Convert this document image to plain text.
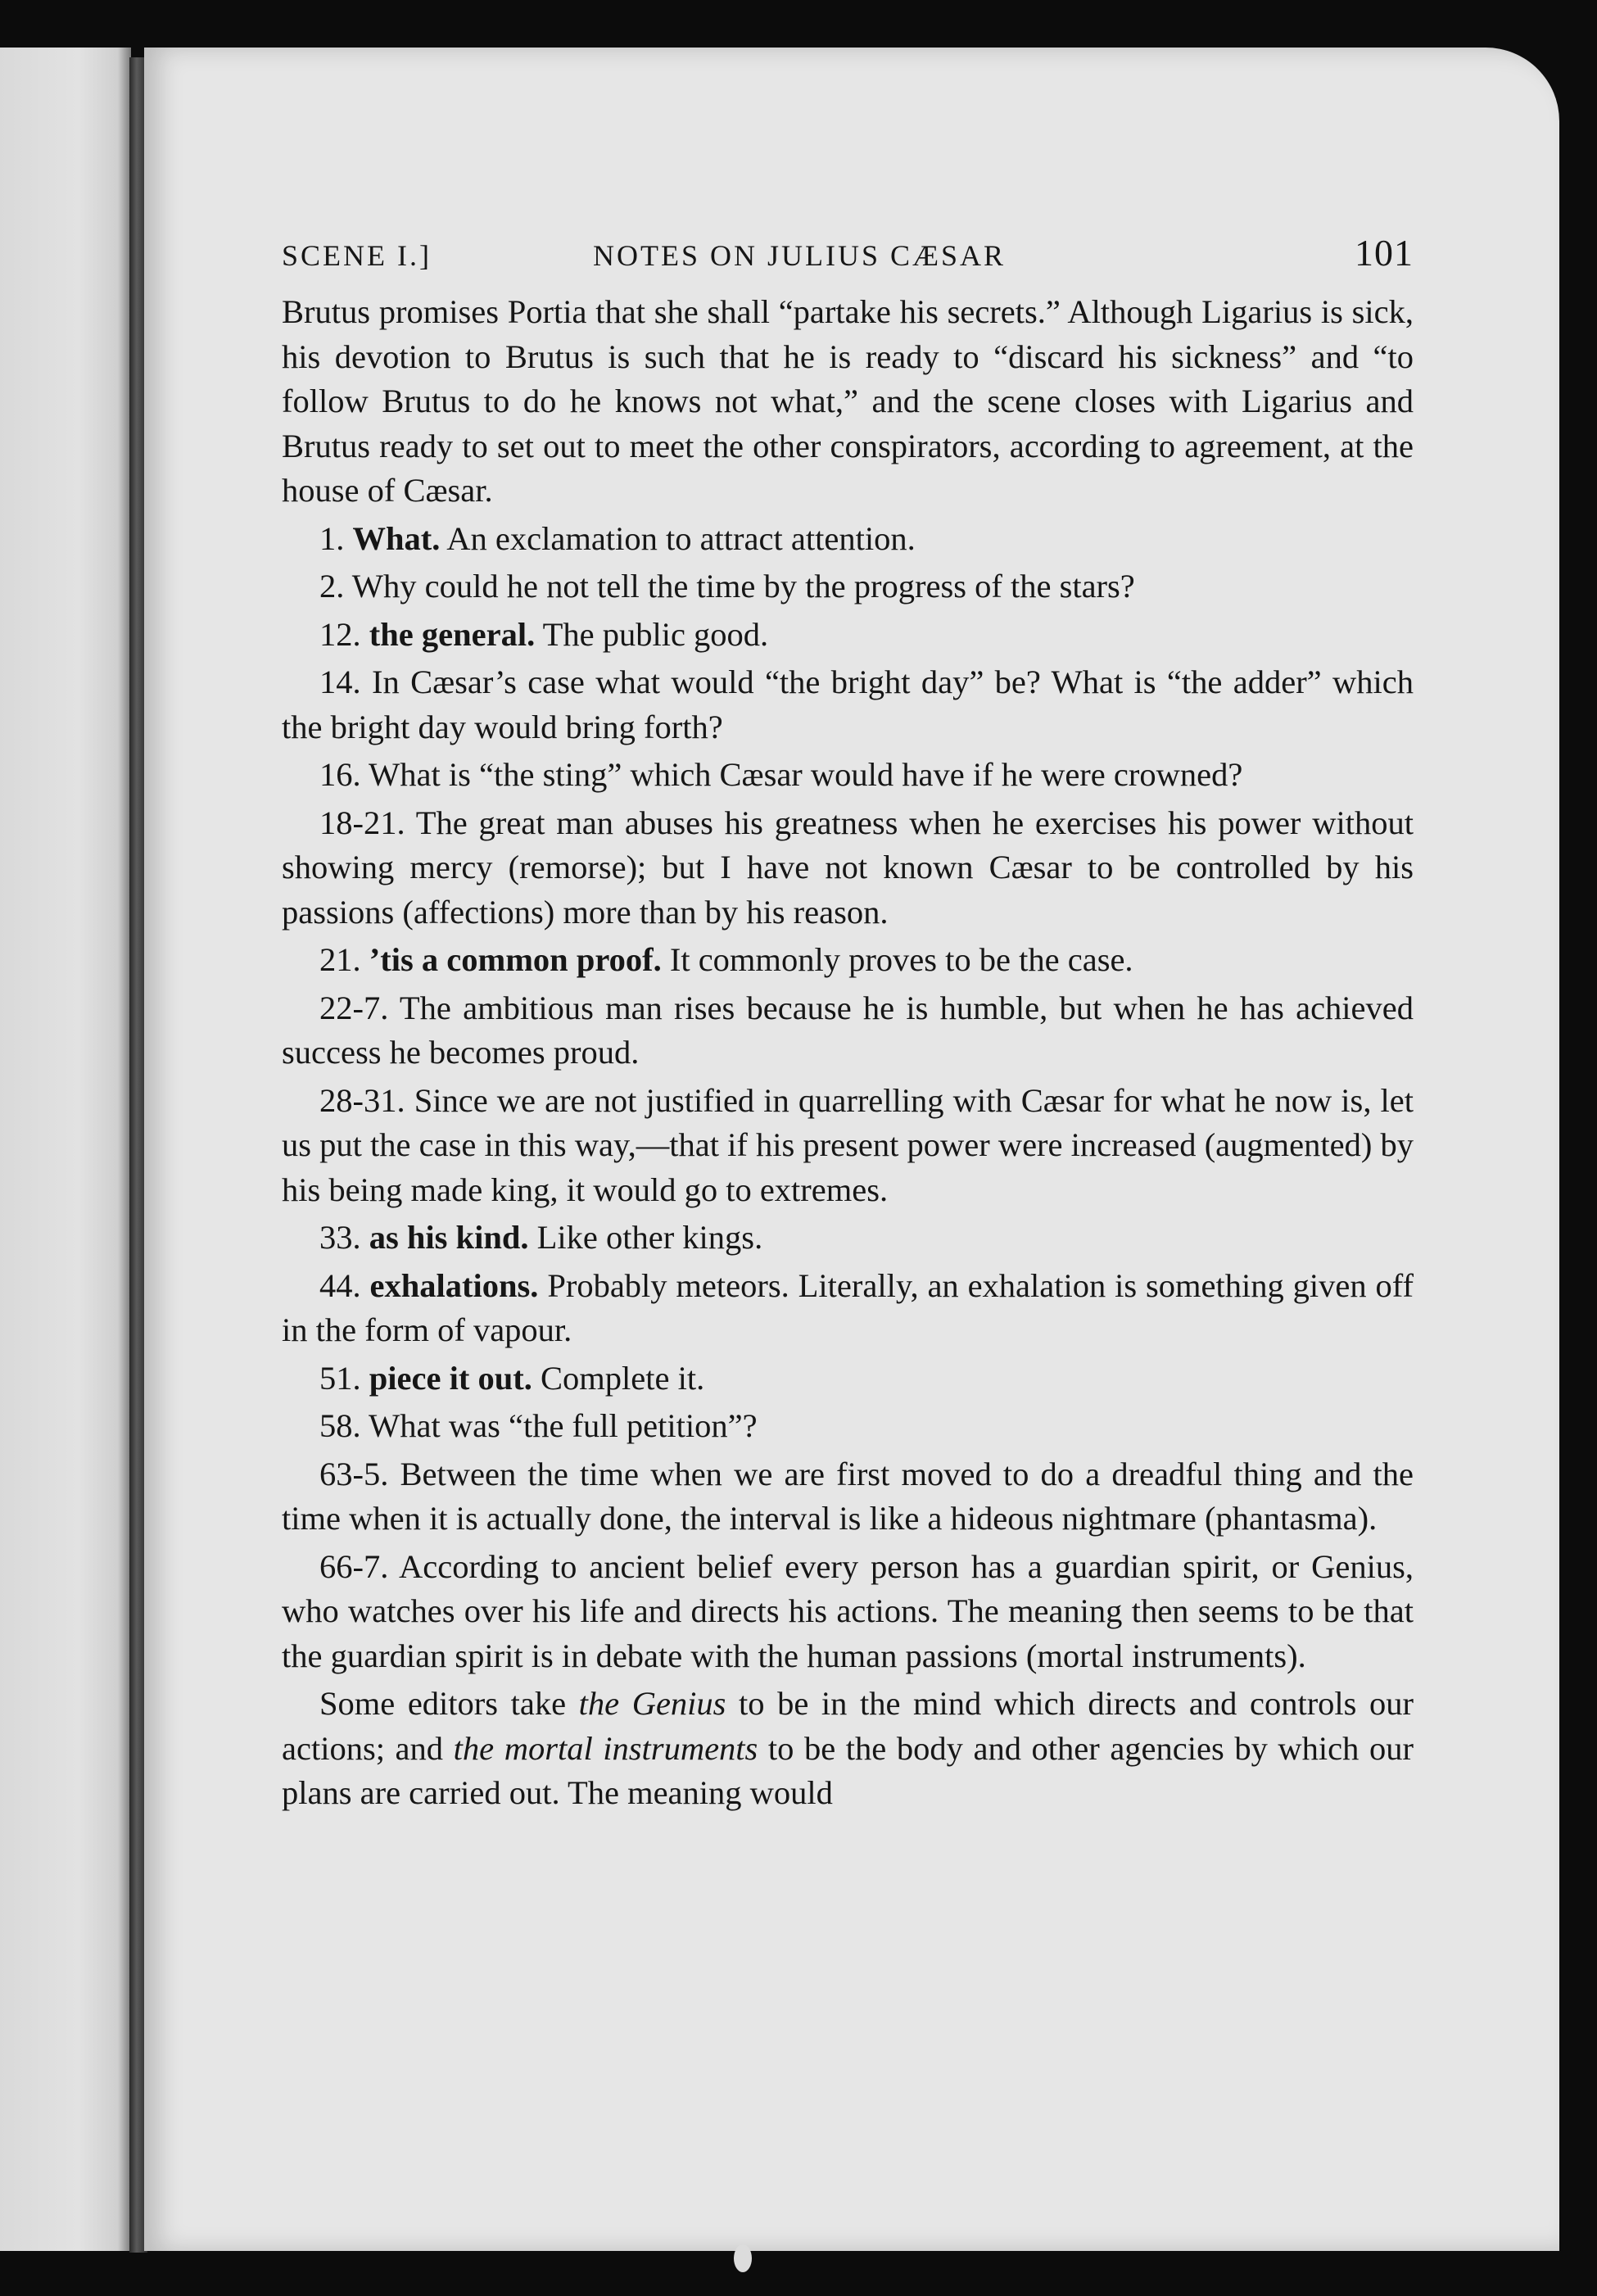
SCENE I.]	NOTES ON JULIUS CÆSAR	101

Brutus promises Portia that she shall “partake his secrets.” Although Ligarius is sick, his devotion to Brutus is such that he is ready to “discard his sickness” and “to follow Brutus to do he knows not what,” and the scene closes with Ligarius and Brutus ready to set out to meet the other conspirators, according to agreement, at the house of Cæsar.

1. What. An exclamation to attract attention.

2. Why could he not tell the time by the progress of the stars?

12. the general. The public good.

14. In Cæsar’s case what would “the bright day” be? What is “the adder” which the bright day would bring forth?

16. What is “the sting” which Cæsar would have if he were crowned?

18-21. The great man abuses his greatness when he exercises his power without showing mercy (remorse); but I have not known Cæsar to be controlled by his passions (affections) more than by his reason.

21. ’tis a common proof. It commonly proves to be the case.

22-7. The ambitious man rises because he is humble, but when he has achieved success he becomes proud.

28-31. Since we are not justified in quarrelling with Cæsar for what he now is, let us put the case in this way,—that if his present power were increased (augmented) by his being made king, it would go to extremes.

33. as his kind. Like other kings.

44. exhalations. Probably meteors. Literally, an exhalation is something given off in the form of vapour.

51. piece it out. Complete it.

58. What was “the full petition”?

63-5. Between the time when we are first moved to do a dreadful thing and the time when it is actually done, the interval is like a hideous nightmare (phantasma).

66-7. According to ancient belief every person has a guardian spirit, or Genius, who watches over his life and directs his actions. The meaning then seems to be that the guardian spirit is in debate with the human passions (mortal instruments).

Some editors take the Genius to be in the mind which directs and controls our actions; and the mortal instruments to be the body and other agencies by which our plans are carried out. The meaning would
